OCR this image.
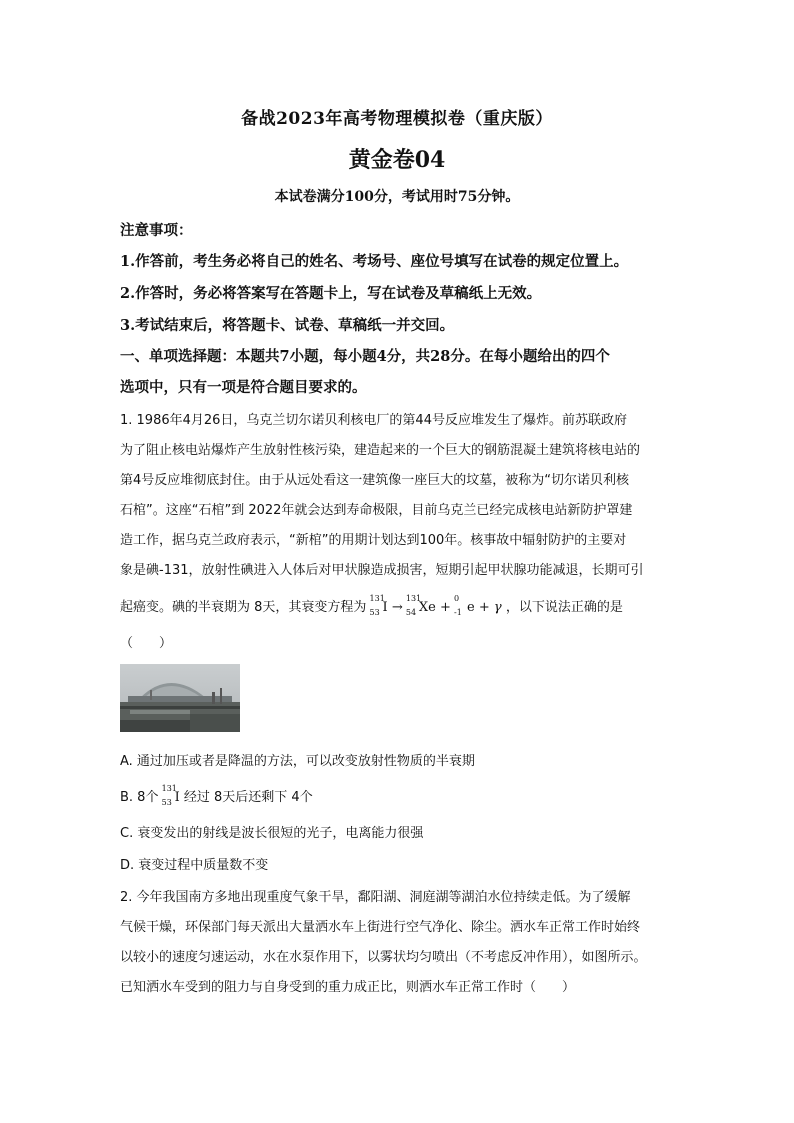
备战2023年高考物理模拟卷（重庆版）
黄金卷04
本试卷满分100分，考试用时75分钟。
注意事项：
1.作答前，考生务必将自己的姓名、考场号、座位号填写在试卷的规定位置上。
2.作答时，务必将答案写在答题卡上，写在试卷及草稿纸上无效。
3.考试结束后，将答题卡、试卷、草稿纸一并交回。
一、单项选择题：本题共7小题，每小题4分，共28分。在每小题给出的四个
选项中，只有一项是符合题目要求的。
1. 1986年4月26日，乌克兰切尔诺贝利核电厂的第44号反应堆发生了爆炸。前苏联政府
为了阻止核电站爆炸产生放射性核污染，建造起来的一个巨大的钢筋混凝土建筑将核电站的
第4号反应堆彻底封住。由于从远处看这一建筑像一座巨大的坟墓，被称为“切尔诺贝利核
石棺”。这座“石棺”到 2022年就会达到寿命极限，目前乌克兰已经完成核电站新防护罩建
造工作，据乌克兰政府表示，“新棺”的用期计划达到100年。核事故中辐射防护的主要对
象是碘-131，放射性碘进入人体后对甲状腺造成损害，短期引起甲状腺功能减退，长期可引
起癌变。碘的半衰期为 8天，其衰变方程为
131
53 I →
131
54 Xe +
0
-1 e + γ ，以下说法正确的是
（　　）
A. 通过加压或者是降温的方法，可以改变放射性物质的半衰期
B. 8个
131
53 I 经过 8天后还剩下 4个
C. 衰变发出的射线是波长很短的光子，电离能力很强
D. 衰变过程中质量数不变
2. 今年我国南方多地出现重度气象干旱，鄱阳湖、洞庭湖等湖泊水位持续走低。为了缓解
气候干燥，环保部门每天派出大量洒水车上街进行空气净化、除尘。洒水车正常工作时始终
以较小的速度匀速运动，水在水泵作用下，以雾状均匀喷出（不考虑反冲作用），如图所示。
已知洒水车受到的阻力与自身受到的重力成正比，则洒水车正常工作时（　　）
